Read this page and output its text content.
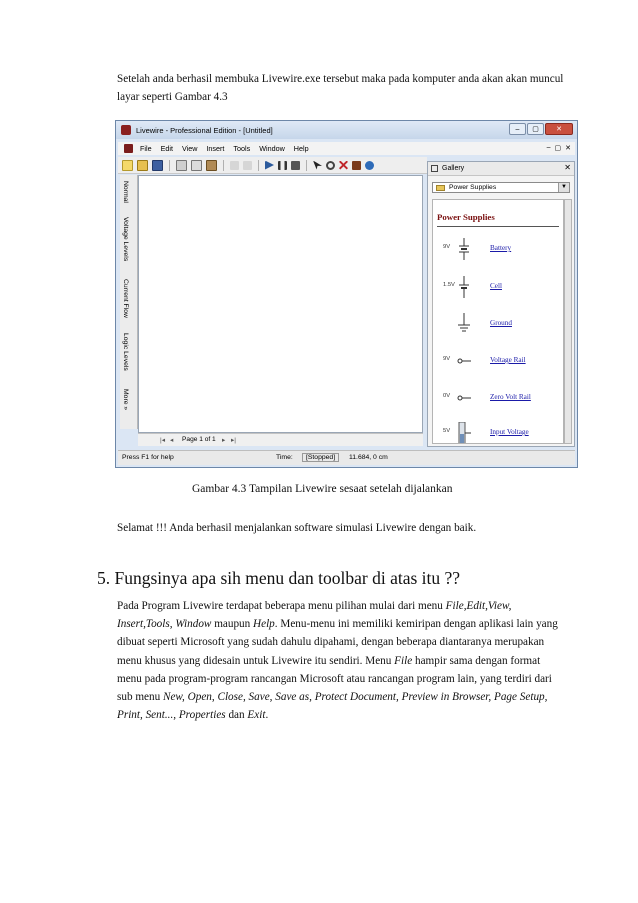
Setelah anda berhasil membuka Livewire.exe tersebut maka pada komputer anda akan akan muncul layar seperti Gambar 4.3

Livewire - Professional Edition - [Untitled]	–	▢	✕
File Edit View Insert Tools Window Help	– ▢ ✕
Normal
Voltage Levels
Current Flow
Logic Levels
More »
|◂ ◂ Page 1 of 1 ▸ ▸|
Gallery	✕
Power Supplies	▼
Power Supplies
9V	Battery
1.5V	Cell
Ground
9V	Voltage Rail
0V	Zero Volt Rail
5V	Input Voltage
Press F1 for help	Time:	[Stopped]	11.684, 0 cm
Gambar 4.3 Tampilan Livewire sesaat setelah dijalankan

Selamat !!! Anda berhasil menjalankan software simulasi Livewire dengan baik.

5. Fungsinya apa sih menu dan toolbar di atas itu ??

Pada Program Livewire terdapat beberapa menu pilihan mulai dari menu File,Edit,View, Insert,Tools, Window maupun Help. Menu-menu ini memiliki kemiripan dengan aplikasi lain yang dibuat seperti Microsoft yang sudah dahulu dipahami, dengan beberapa diantaranya merupakan menu khusus yang didesain untuk Livewire itu sendiri. Menu File hampir sama dengan format menu pada program-program rancangan Microsoft atau rancangan program lain, yang terdiri dari sub menu New, Open, Close, Save, Save as, Protect Document, Preview in Browser, Page Setup, Print, Sent..., Properties dan Exit.
